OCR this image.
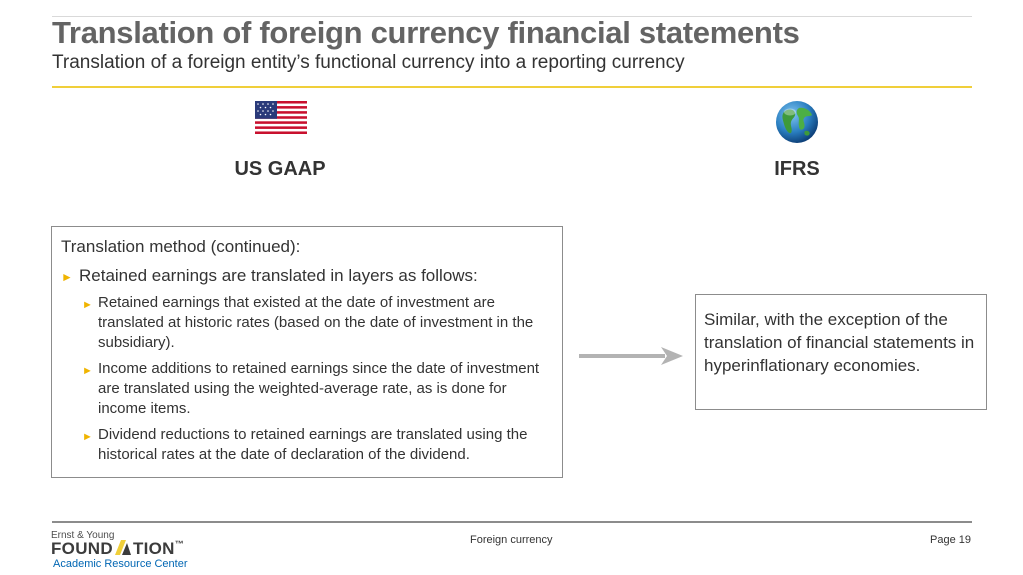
Translation of foreign currency financial statements
Translation of a foreign entity’s functional currency into a reporting currency
US GAAP	IFRS
Translation method (continued):
► Retained earnings are translated in layers as follows:
► Retained earnings that existed at the date of investment are translated at historic rates (based on the date of investment in the subsidiary).
► Income additions to retained earnings since the date of investment are translated using the weighted-average rate, as is done for income items.
► Dividend reductions to retained earnings are translated using the historical rates at the date of declaration of the dividend.
Similar, with the exception of the translation of financial statements in hyperinflationary economies.
Ernst & Young
FOUND TION™
Academic Resource Center
Foreign currency	Page 19
